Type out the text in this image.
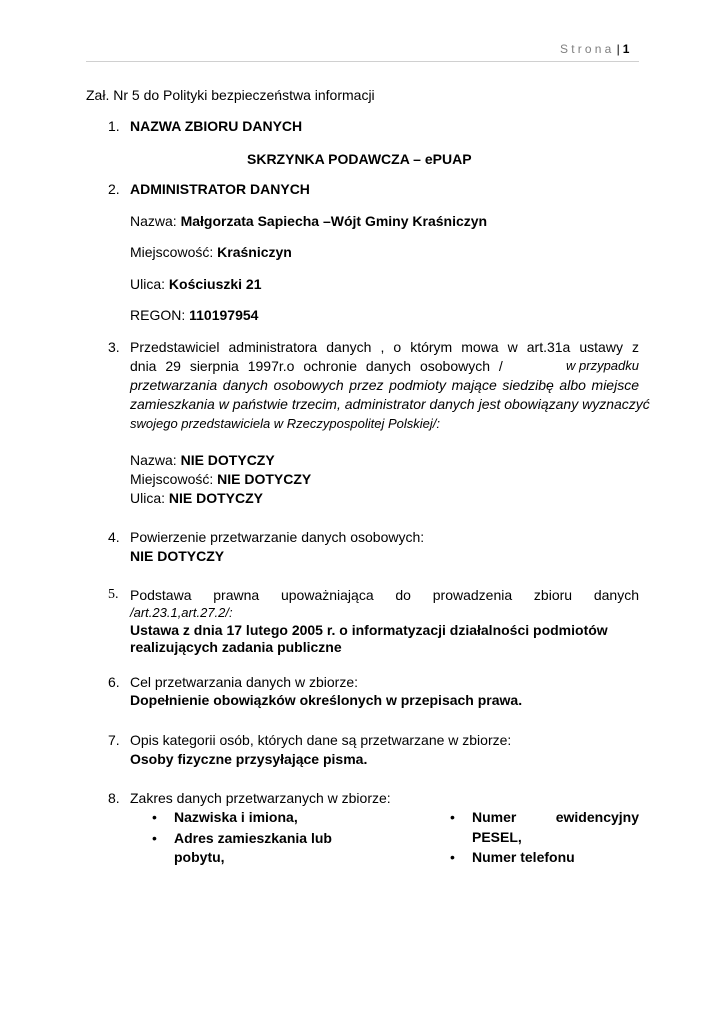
Strona | 1
Zał. Nr 5 do Polityki bezpieczeństwa informacji
1. NAZWA ZBIORU DANYCH
SKRZYNKA PODAWCZA – ePUAP
2. ADMINISTRATOR DANYCH
Nazwa: Małgorzata Sapiecha –Wójt Gminy Kraśniczyn
Miejscowość: Kraśniczyn
Ulica: Kościuszki 21
REGON: 110197954
3. Przedstawiciel administratora danych , o którym mowa w art.31a ustawy z
dnia 29 sierpnia 1997r.o ochronie danych osobowych /	w przypadku
przetwarzania danych osobowych przez podmioty mające siedzibę albo miejsce
zamieszkania w państwie trzecim, administrator danych jest obowiązany wyznaczyć
swojego przedstawiciela w Rzeczypospolitej Polskiej/:
Nazwa: NIE DOTYCZY
Miejscowość: NIE DOTYCZY
Ulica: NIE DOTYCZY
4. Powierzenie przetwarzanie danych osobowych:
NIE DOTYCZY
5. Podstawa prawna upoważniająca do prowadzenia zbioru danych
/art.23.1,art.27.2/:
Ustawa z dnia 17 lutego 2005 r. o informatyzacji działalności podmiotów
realizujących zadania publiczne
6. Cel przetwarzania danych w zbiorze:
Dopełnienie obowiązków określonych w przepisach prawa.
7. Opis kategorii osób, których dane są przetwarzane w zbiorze:
Osoby fizyczne przysyłające pisma.
8. Zakres danych przetwarzanych w zbiorze:
• Nazwiska i imiona,
• Adres zamieszkania lub
pobytu,
• Numer ewidencyjny
PESEL,
• Numer telefonu
